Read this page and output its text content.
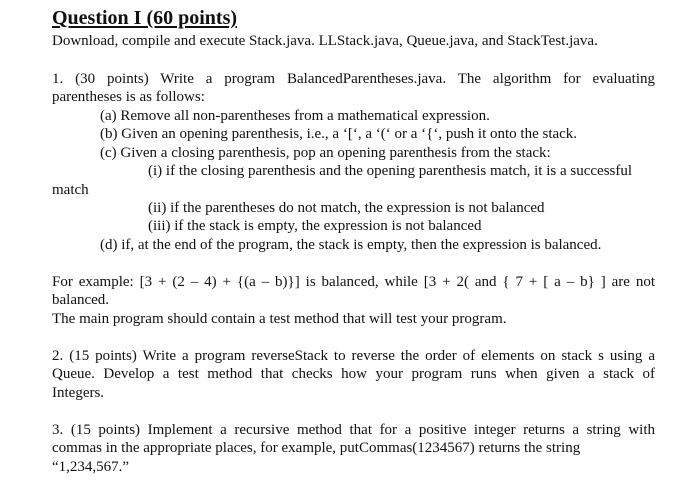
Question I (60 points)

Download, compile and execute Stack.java. LLStack.java, Queue.java, and StackTest.java.

1. (30 points) Write a program BalancedParentheses.java. The algorithm for evaluating

parentheses is as follows:

(a) Remove all non-parentheses from a mathematical expression.

(b) Given an opening parenthesis, i.e., a ‘[‘, a ‘(‘ or a ‘{‘, push it onto the stack.

(c) Given a closing parenthesis, pop an opening parenthesis from the stack:

(i) if the closing parenthesis and the opening parenthesis match, it is a successful

match

(ii) if the parentheses do not match, the expression is not balanced

(iii) if the stack is empty, the expression is not balanced

(d) if, at the end of the program, the stack is empty, then the expression is balanced.

For example: [3 + (2 – 4) + {(a – b)}] is balanced, while [3 + 2( and { 7 + [ a – b} ] are not

balanced.

The main program should contain a test method that will test your program.

2. (15 points) Write a program reverseStack to reverse the order of elements on stack s using a

Queue. Develop a test method that checks how your program runs when given a stack of

Integers.

3. (15 points) Implement a recursive method that for a positive integer returns a string with

commas in the appropriate places, for example, putCommas(1234567) returns the string

“1,234,567.”
